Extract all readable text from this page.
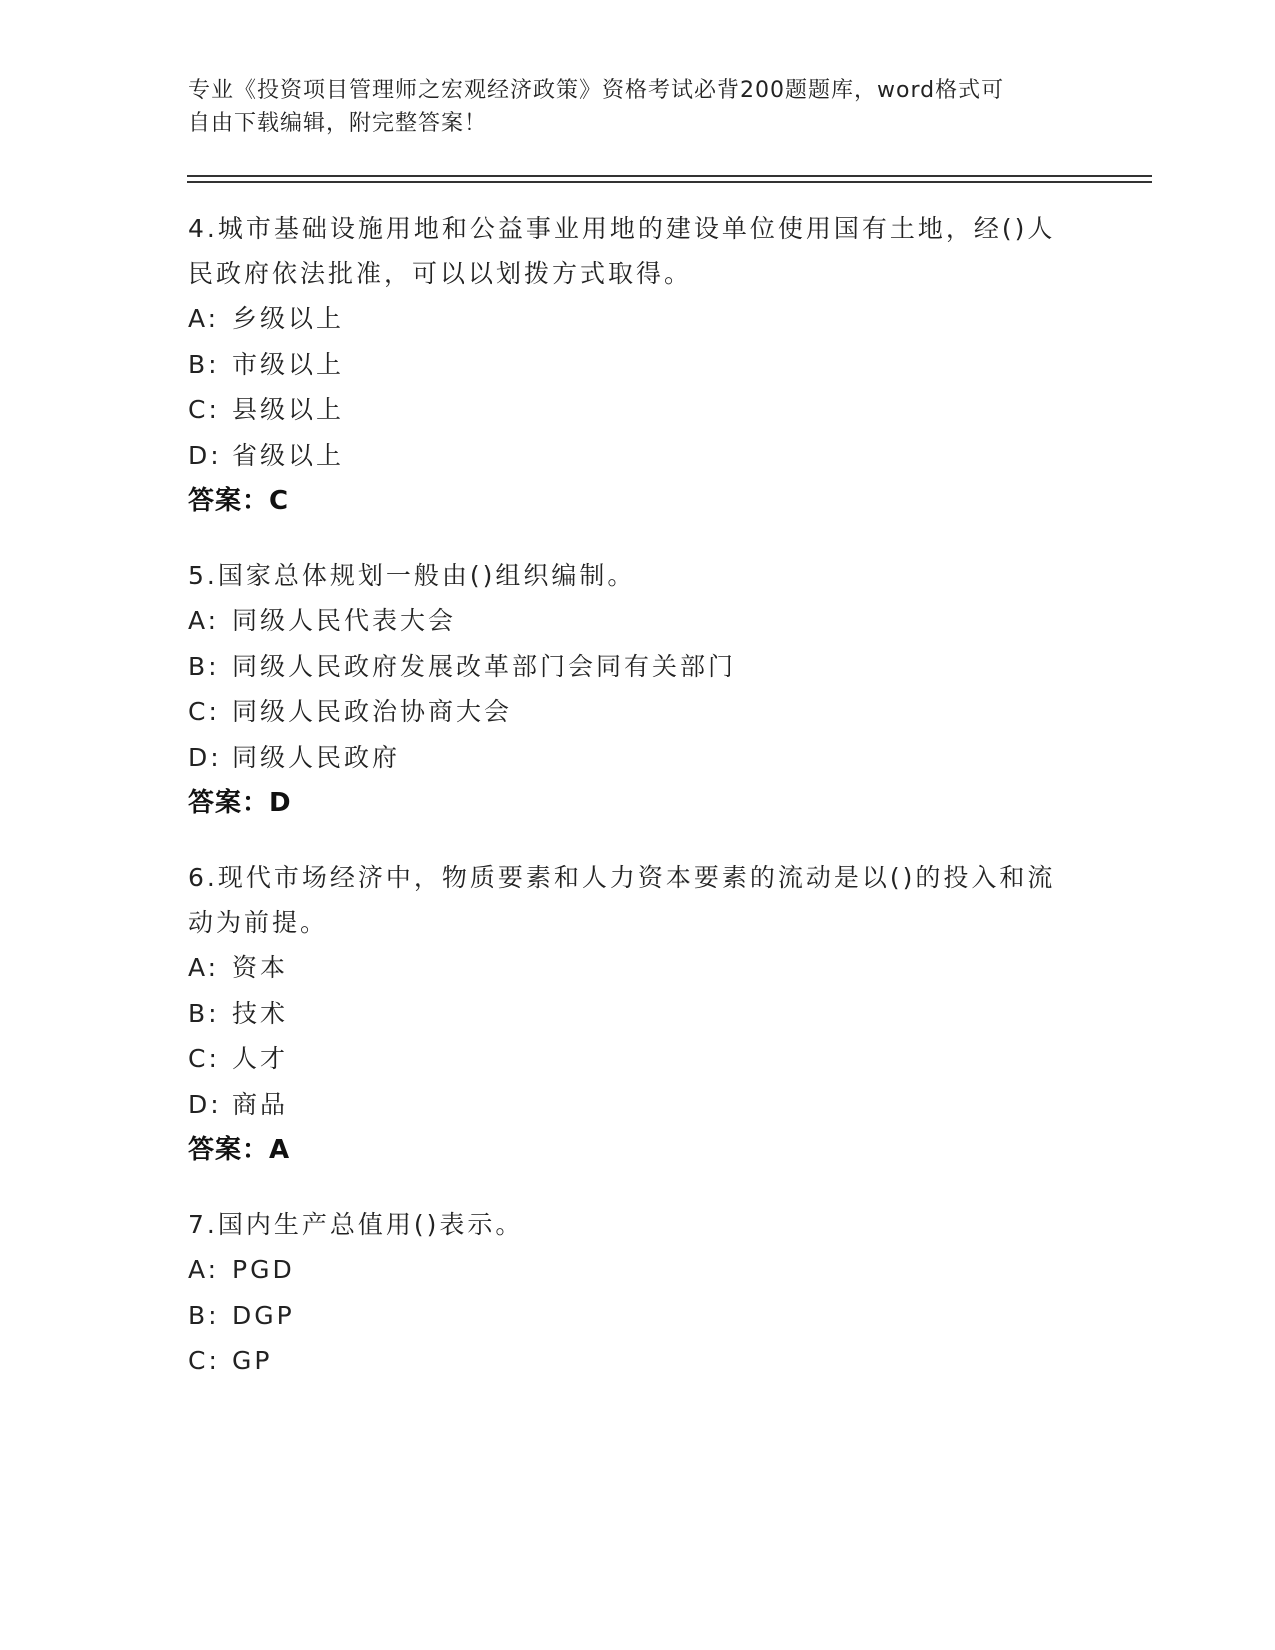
专业《投资项目管理师之宏观经济政策》资格考试必背200题题库，word格式可
自由下载编辑，附完整答案！

4.城市基础设施用地和公益事业用地的建设单位使用国有土地，经()人民政府依法批准，可以以划拨方式取得。

A: 乡级以上

B: 市级以上

C: 县级以上

D: 省级以上

答案：C

5.国家总体规划一般由()组织编制。

A: 同级人民代表大会

B: 同级人民政府发展改革部门会同有关部门

C: 同级人民政治协商大会

D: 同级人民政府

答案：D

6.现代市场经济中，物质要素和人力资本要素的流动是以()的投入和流动为前提。

A: 资本

B: 技术

C: 人才

D: 商品

答案：A

7.国内生产总值用()表示。

A: PGD

B: DGP

C: GP
